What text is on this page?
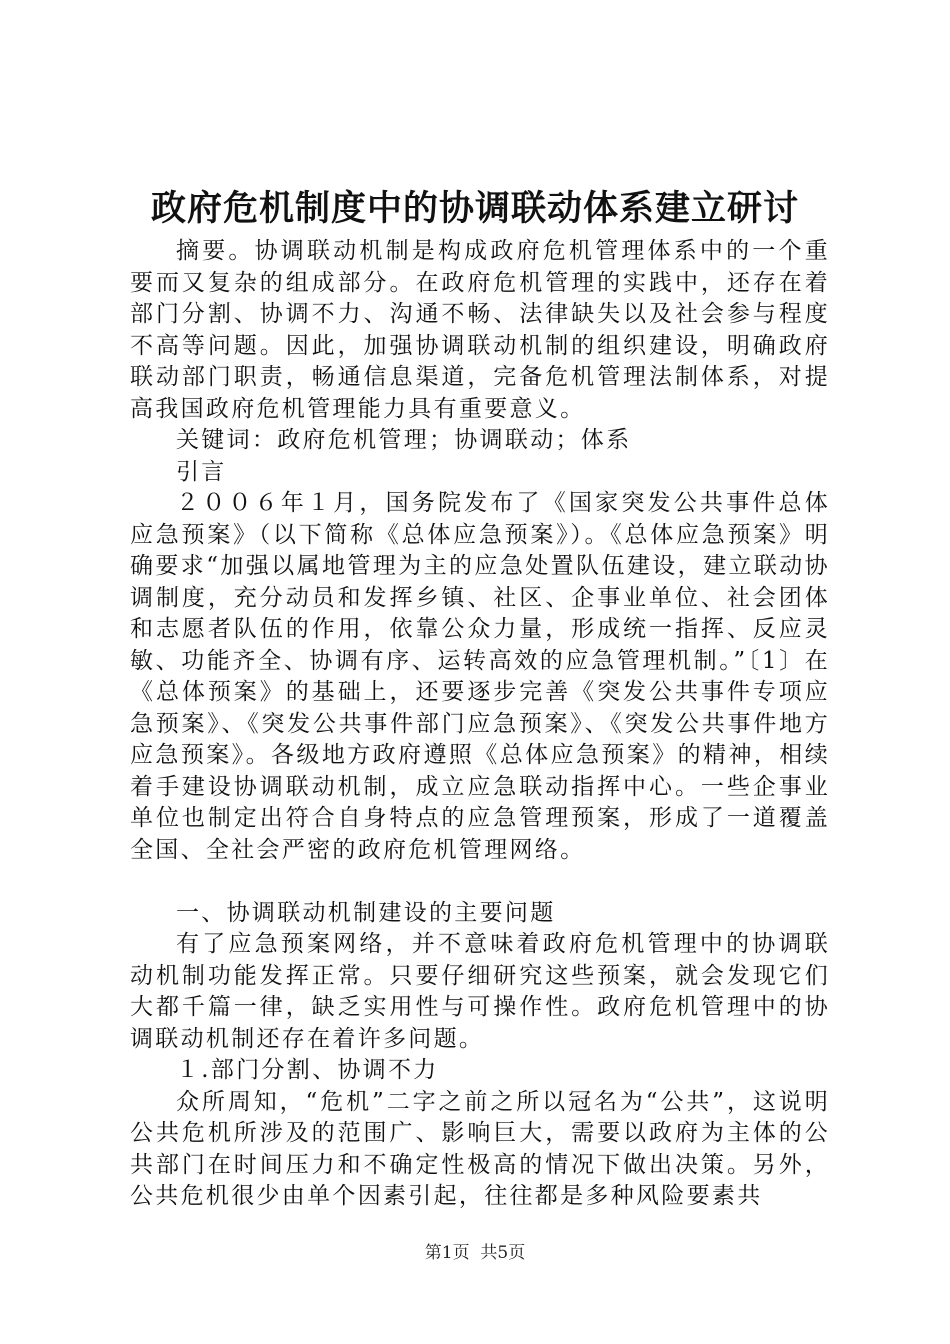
政府危机制度中的协调联动体系建立研讨

摘要。协调联动机制是构成政府危机管理体系中的一个重要而又复杂的组成部分。在政府危机管理的实践中，还存在着部门分割、协调不力、沟通不畅、法律缺失以及社会参与程度不高等问题。因此，加强协调联动机制的组织建设，明确政府联动部门职责，畅通信息渠道，完备危机管理法制体系，对提高我国政府危机管理能力具有重要意义。

关键词：政府危机管理；协调联动；体系

引言

２００６年１月，国务院发布了《国家突发公共事件总体应急预案》（以下简称《总体应急预案》）。《总体应急预案》明确要求“加强以属地管理为主的应急处置队伍建设，建立联动协调制度，充分动员和发挥乡镇、社区、企事业单位、社会团体和志愿者队伍的作用，依靠公众力量，形成统一指挥、反应灵敏、功能齐全、协调有序、运转高效的应急管理机制。”〔1〕在《总体预案》的基础上，还要逐步完善《突发公共事件专项应急预案》、《突发公共事件部门应急预案》、《突发公共事件地方应急预案》。各级地方政府遵照《总体应急预案》的精神，相续着手建设协调联动机制，成立应急联动指挥中心。一些企事业单位也制定出符合自身特点的应急管理预案，形成了一道覆盖全国、全社会严密的政府危机管理网络。

一、协调联动机制建设的主要问题

有了应急预案网络，并不意味着政府危机管理中的协调联动机制功能发挥正常。只要仔细研究这些预案，就会发现它们大都千篇一律，缺乏实用性与可操作性。政府危机管理中的协调联动机制还存在着许多问题。

１.部门分割、协调不力

众所周知，“危机”二字之前之所以冠名为“公共”，这说明公共危机所涉及的范围广、影响巨大，需要以政府为主体的公共部门在时间压力和不确定性极高的情况下做出决策。另外，公共危机很少由单个因素引起，往往都是多种风险要素共

第1页 共5页
